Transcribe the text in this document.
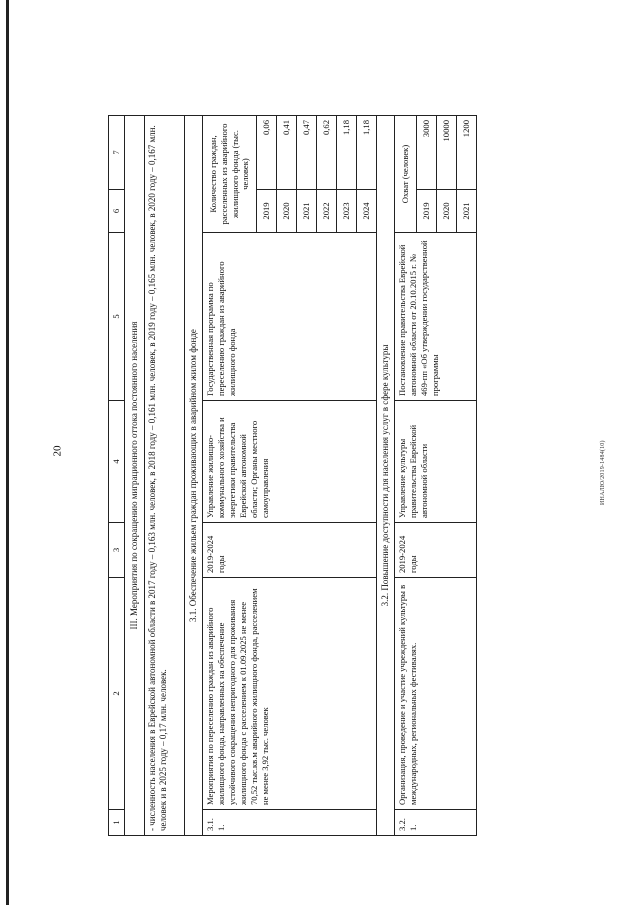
20
1	2	3	4	5	6	7
III. Мероприятия по сокращению миграционного оттока постоянного населения						
- численность населения в Еврейской автономной области в 2017 году – 0,163 млн. человек, в 2018 году – 0,161 млн. человек, в 2019 году – 0,165 млн. человек, в 2020 году – 0,167 млн. человек и в 2025 году – 0,17 млн. человек.						
3.1. Обеспечение жильем граждан проживающих в аварийном жилом фонде						
3.1.1.	Мероприятия по переселению граждан из аварийного жилищного фонда, направленных на обеспечение устойчивого сокращения непригодного для проживания жилищного фонда с расселением к 01.09.2025 не менее 70,52 тыс.кв.м аварийного жилищного фонда, расселением не менее 3,92 тыс. человек	2019-2024 годы	Управление жилищно-коммунального хозяйства и энергетики правительства Еврейской автономной области; Органы местного самоуправления	Государственная программа по переселению граждан из аварийного жилищного фонда	Количество граждан, расселенных из аварийного жилищного фонда (тыс. человек)	
					2019	0,06
					2020	0,41
					2021	0,47
					2022	0,62
					2023	1,18
					2024	1,18
3.2. Повышение доступности для населения услуг в сфере культуры						
3.2.1.	Организация, проведение и участие учреждений культуры в международных, региональных фестивалях.	2019-2024 годы	Управление культуры правительства Еврейской автономной области	Постановление правительства Еврейской автономной области от 20.10.2015 г. № 469-пп «Об утверждении государственной программы	Охват (человек)	
					2019	3000
					2020	10000
					2021	1200
ИНАЛЮ/2019-1484(10)
